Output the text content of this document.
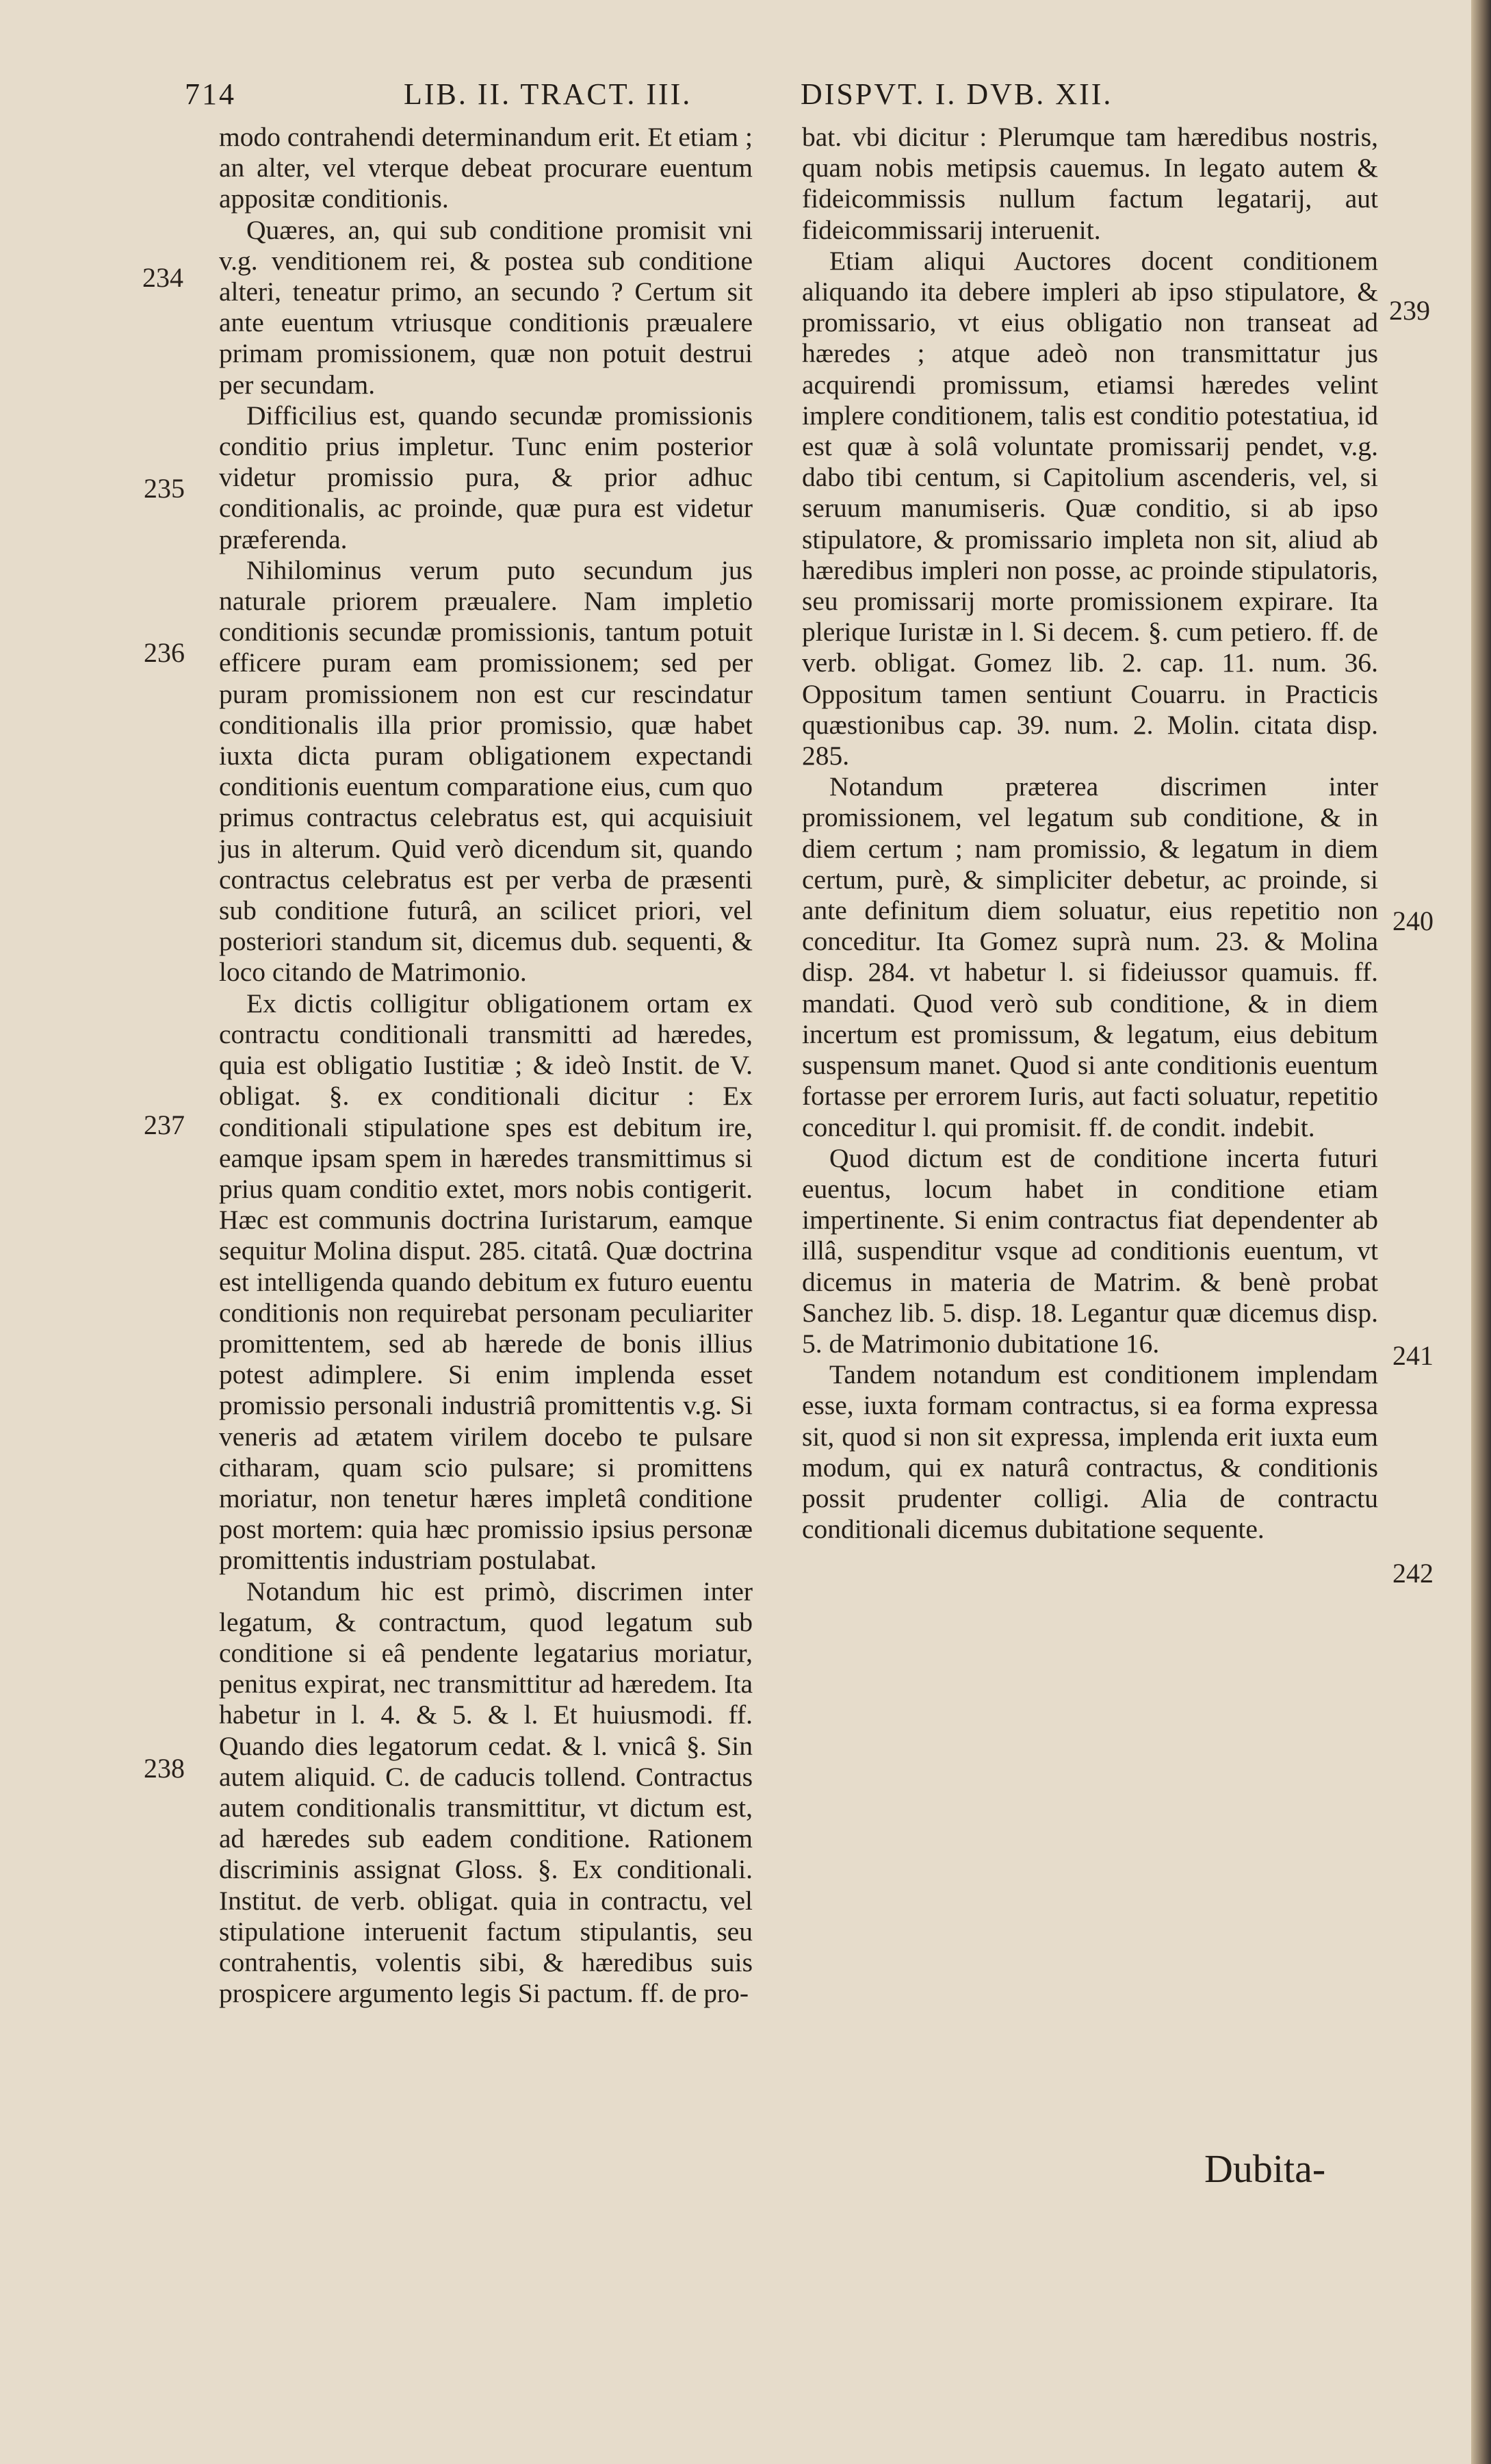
714	LIB. II. TRACT. III.	DISPVT. I. DVB. XII.
234
235
236
237
238
239
240
241
242

modo contrahendi determinandum erit. Et etiam ; an alter, vel vterque debeat procurare euentum appositæ conditionis.

Quæres, an, qui sub conditione promisit vni v.g. venditionem rei, & postea sub conditione alteri, teneatur primo, an secundo ? Certum sit ante euentum vtriusque conditionis præualere primam promissionem, quæ non potuit destrui per secundam.

Difficilius est, quando secundæ promissionis conditio prius impletur. Tunc enim posterior videtur promissio pura, & prior adhuc conditionalis, ac proinde, quæ pura est videtur præferenda.

Nihilominus verum puto secundum jus naturale priorem præualere. Nam impletio conditionis secundæ promissionis, tantum potuit efficere puram eam promissionem; sed per puram promissionem non est cur rescindatur conditionalis illa prior promissio, quæ habet iuxta dicta puram obligationem expectandi conditionis euentum comparatione eius, cum quo primus contractus celebratus est, qui acquisiuit jus in alterum. Quid verò dicendum sit, quando contractus celebratus est per verba de præsenti sub conditione futurâ, an scilicet priori, vel posteriori standum sit, dicemus dub. sequenti, & loco citando de Matrimonio.

Ex dictis colligitur obligationem ortam ex contractu conditionali transmitti ad hæredes, quia est obligatio Iustitiæ ; & ideò Instit. de V. obligat. §. ex conditionali dicitur : Ex conditionali stipulatione spes est debitum ire, eamque ipsam spem in hæredes transmittimus si prius quam conditio extet, mors nobis contigerit. Hæc est communis doctrina Iuristarum, eamque sequitur Molina disput. 285. citatâ. Quæ doctrina est intelligenda quando debitum ex futuro euentu conditionis non requirebat personam peculiariter promittentem, sed ab hærede de bonis illius potest adimplere. Si enim implenda esset promissio personali industriâ promittentis v.g. Si veneris ad ætatem virilem docebo te pulsare citharam, quam scio pulsare; si promittens moriatur, non tenetur hæres impletâ conditione post mortem: quia hæc promissio ipsius personæ promittentis industriam postulabat.

Notandum hic est primò, discrimen inter legatum, & contractum, quod legatum sub conditione si eâ pendente legatarius moriatur, penitus expirat, nec transmittitur ad hæredem. Ita habetur in l. 4. & 5. & l. Et huiusmodi. ff. Quando dies legatorum cedat. & l. vnicâ §. Sin autem aliquid. C. de caducis tollend. Contractus autem conditionalis transmittitur, vt dictum est, ad hæredes sub eadem conditione. Rationem discriminis assignat Gloss. §. Ex conditionali. Institut. de verb. obligat. quia in contractu, vel stipulatione interuenit factum stipulantis, seu contrahentis, volentis sibi, & hæredibus suis prospicere argumento legis Si pactum. ff. de pro-

bat. vbi dicitur : Plerumque tam hæredibus nostris, quam nobis metipsis cauemus. In legato autem & fideicommissis nullum factum legatarij, aut fideicommissarij interuenit.

Etiam aliqui Auctores docent conditionem aliquando ita debere impleri ab ipso stipulatore, & promissario, vt eius obligatio non transeat ad hæredes ; atque adeò non transmittatur jus acquirendi promissum, etiamsi hæredes velint implere conditionem, talis est conditio potestatiua, id est quæ à solâ voluntate promissarij pendet, v.g. dabo tibi centum, si Capitolium ascenderis, vel, si seruum manumiseris. Quæ conditio, si ab ipso stipulatore, & promissario impleta non sit, aliud ab hæredibus impleri non posse, ac proinde stipulatoris, seu promissarij morte promissionem expirare. Ita plerique Iuristæ in l. Si decem. §. cum petiero. ff. de verb. obligat. Gomez lib. 2. cap. 11. num. 36. Oppositum tamen sentiunt Couarru. in Practicis quæstionibus cap. 39. num. 2. Molin. citata disp. 285.

Notandum præterea discrimen inter promissionem, vel legatum sub conditione, & in diem certum ; nam promissio, & legatum in diem certum, purè, & simpliciter debetur, ac proinde, si ante definitum diem soluatur, eius repetitio non conceditur. Ita Gomez suprà num. 23. & Molina disp. 284. vt habetur l. si fideiussor quamuis. ff. mandati. Quod verò sub conditione, & in diem incertum est promissum, & legatum, eius debitum suspensum manet. Quod si ante conditionis euentum fortasse per errorem Iuris, aut facti soluatur, repetitio conceditur l. qui promisit. ff. de condit. indebit.

Quod dictum est de conditione incerta futuri euentus, locum habet in conditione etiam impertinente. Si enim contractus fiat dependenter ab illâ, suspenditur vsque ad conditionis euentum, vt dicemus in materia de Matrim. & benè probat Sanchez lib. 5. disp. 18. Legantur quæ dicemus disp. 5. de Matrimonio dubitatione 16.

Tandem notandum est conditionem implendam esse, iuxta formam contractus, si ea forma expressa sit, quod si non sit expressa, implenda erit iuxta eum modum, qui ex naturâ contractus, & conditionis possit prudenter colligi. Alia de contractu conditionali dicemus dubitatione sequente.

Dubita-
